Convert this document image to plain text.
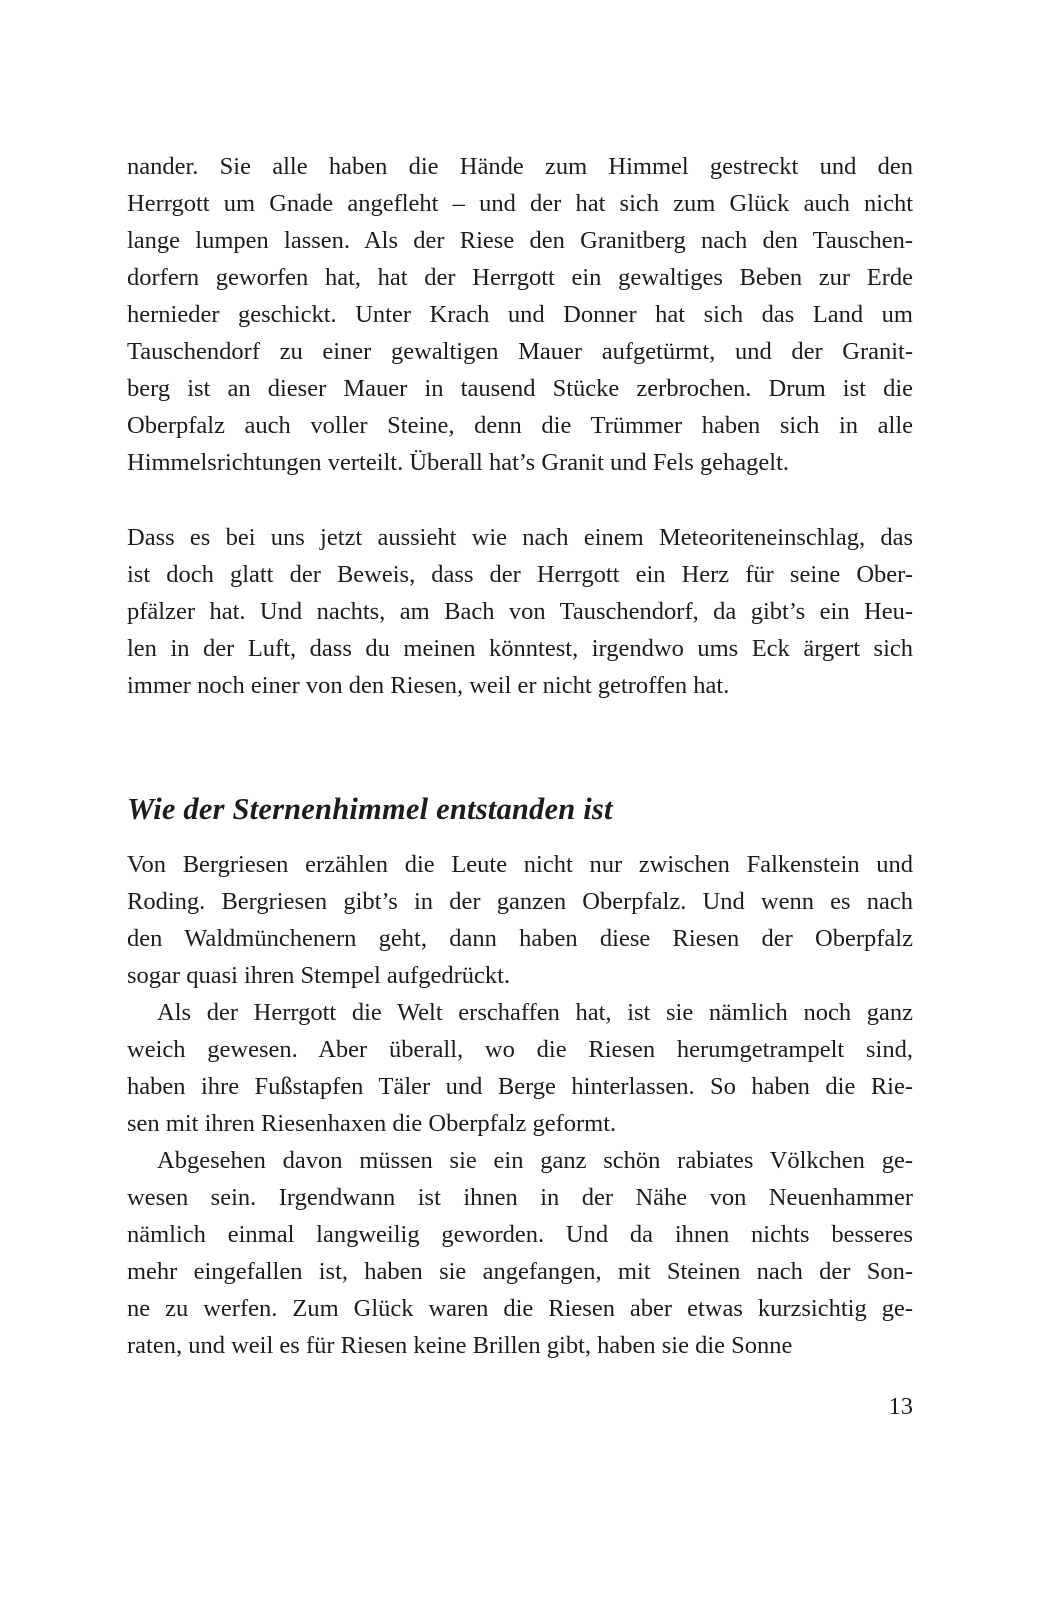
nander. Sie alle haben die Hände zum Himmel gestreckt und den
Herrgott um Gnade angefleht – und der hat sich zum Glück auch nicht
lange lumpen lassen. Als der Riese den Granitberg nach den Tauschen-
dorfern geworfen hat, hat der Herrgott ein gewaltiges Beben zur Erde
hernieder geschickt. Unter Krach und Donner hat sich das Land um
Tauschendorf zu einer gewaltigen Mauer aufgetürmt, und der Granit-
berg ist an dieser Mauer in tausend Stücke zerbrochen. Drum ist die
Oberpfalz auch voller Steine, denn die Trümmer haben sich in alle
Himmelsrichtungen verteilt. Überall hat’s Granit und Fels gehagelt.
Dass es bei uns jetzt aussieht wie nach einem Meteoriteneinschlag, das
ist doch glatt der Beweis, dass der Herrgott ein Herz für seine Ober-
pfälzer hat. Und nachts, am Bach von Tauschendorf, da gibt’s ein Heu-
len in der Luft, dass du meinen könntest, irgendwo ums Eck ärgert sich
immer noch einer von den Riesen, weil er nicht getroffen hat.
Wie der Sternenhimmel entstanden ist
Von Bergriesen erzählen die Leute nicht nur zwischen Falkenstein und
Roding. Bergriesen gibt’s in der ganzen Oberpfalz. Und wenn es nach
den Waldmünchenern geht, dann haben diese Riesen der Oberpfalz
sogar quasi ihren Stempel aufgedrückt.
Als der Herrgott die Welt erschaffen hat, ist sie nämlich noch ganz
weich gewesen. Aber überall, wo die Riesen herumgetrampelt sind,
haben ihre Fußstapfen Täler und Berge hinterlassen. So haben die Rie-
sen mit ihren Riesenhaxen die Oberpfalz geformt.
Abgesehen davon müssen sie ein ganz schön rabiates Völkchen ge-
wesen sein. Irgendwann ist ihnen in der Nähe von Neuenhammer
nämlich einmal langweilig geworden. Und da ihnen nichts besseres
mehr eingefallen ist, haben sie angefangen, mit Steinen nach der Son-
ne zu werfen. Zum Glück waren die Riesen aber etwas kurzsichtig ge-
raten, und weil es für Riesen keine Brillen gibt, haben sie die Sonne
13
